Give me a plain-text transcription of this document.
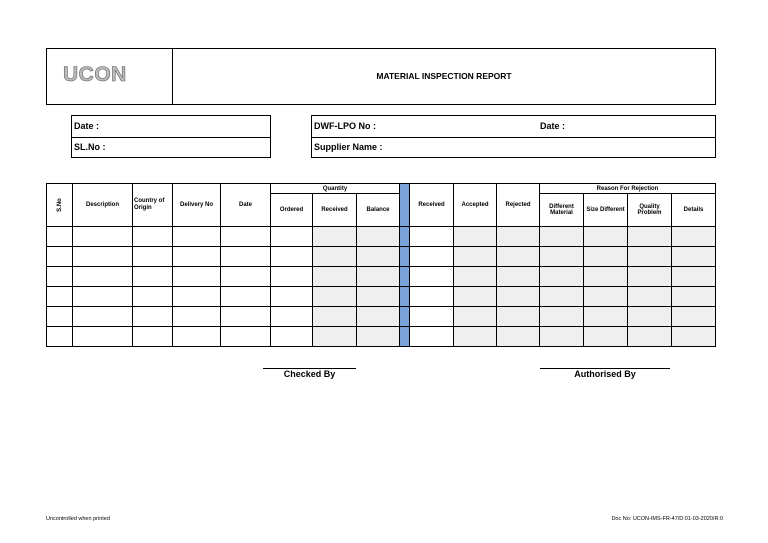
UCON	MATERIAL INSPECTION REPORT
Date :
SL.No :
DWF-LPO No :	Date :
Supplier Name :
S.No	Description	Country of Origin	Delivery No	Date	Quantity				Received	Accepted	Rejected	Reason For Rejection			
					Ordered	Received	Balance					Different Material	Size Different	Quality Problem	Details

Checked By	Authorised By
Uncontrolled when printed	Doc No: UCON-IMS-FR-47/D:01-03-2020/R:0
